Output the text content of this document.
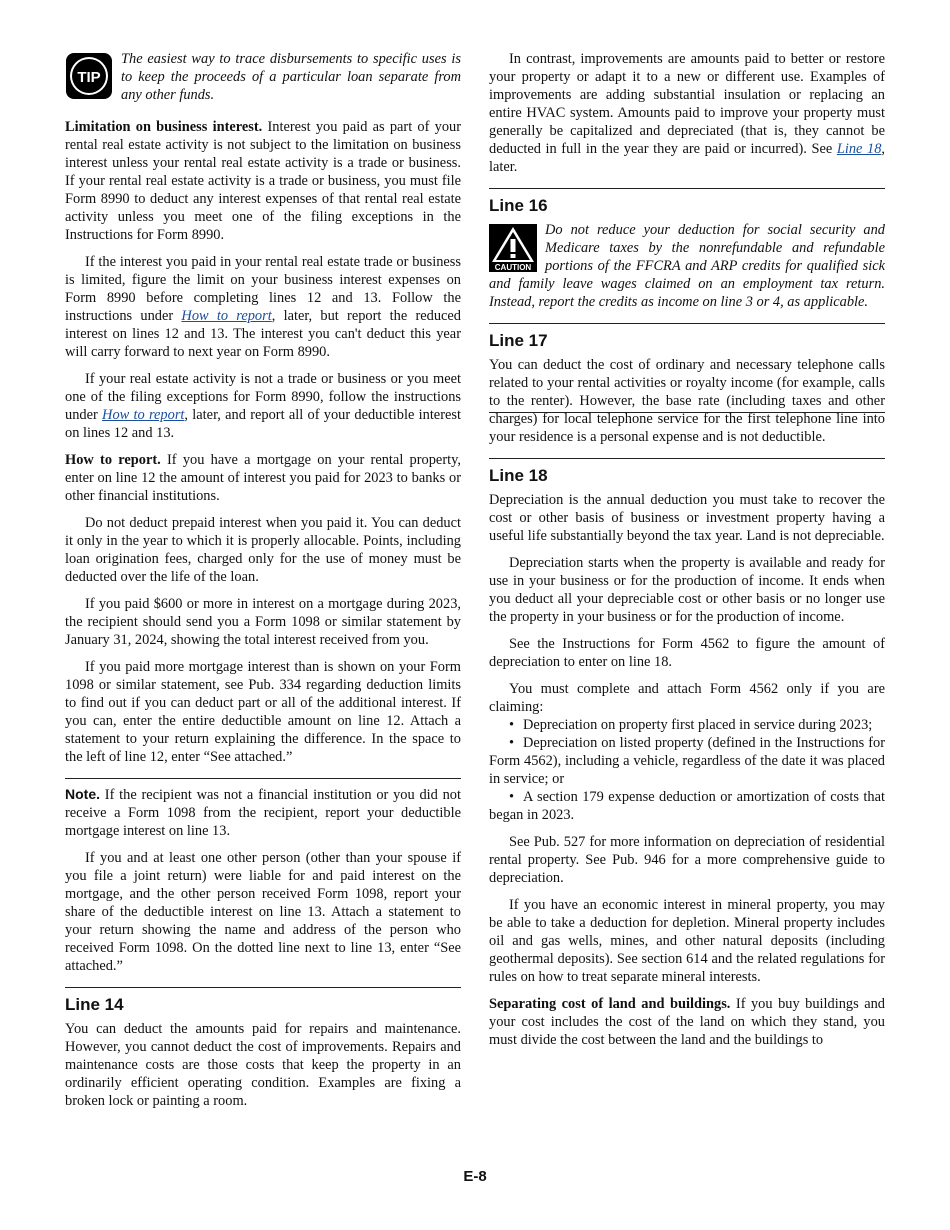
TIP

The easiest way to trace disbursements to specific uses is to keep the proceeds of a particular loan separate from any other funds.

Limitation on business interest. Interest you paid as part of your rental real estate activity is not subject to the limitation on business interest unless your rental real estate activity is a trade or business. If your rental real estate activity is a trade or business, you must file Form 8990 to deduct any interest expenses of that rental real estate activity unless you meet one of the filing exceptions in the Instructions for Form 8990.

If the interest you paid in your rental real estate trade or business is limited, figure the limit on your business interest expenses on Form 8990 before completing lines 12 and 13. Follow the instructions under How to report, later, but report the reduced interest on lines 12 and 13. The interest you can't deduct this year will carry forward to next year on Form 8990.

If your real estate activity is not a trade or business or you meet one of the filing exceptions for Form 8990, follow the instructions under How to report, later, and report all of your deductible interest on lines 12 and 13.

How to report. If you have a mortgage on your rental property, enter on line 12 the amount of interest you paid for 2023 to banks or other financial institutions.

Do not deduct prepaid interest when you paid it. You can deduct it only in the year to which it is properly allocable. Points, including loan origination fees, charged only for the use of money must be deducted over the life of the loan.

If you paid $600 or more in interest on a mortgage during 2023, the recipient should send you a Form 1098 or similar statement by January 31, 2024, showing the total interest received from you.

If you paid more mortgage interest than is shown on your Form 1098 or similar statement, see Pub. 334 regarding deduction limits to find out if you can deduct part or all of the additional interest. If you can, enter the entire deductible amount on line 12. Attach a statement to your return explaining the difference. In the space to the left of line 12, enter “See attached.”

Note. If the recipient was not a financial institution or you did not receive a Form 1098 from the recipient, report your deductible mortgage interest on line 13.

If you and at least one other person (other than your spouse if you file a joint return) were liable for and paid interest on the mortgage, and the other person received Form 1098, report your share of the deductible interest on line 13. Attach a statement to your return showing the name and address of the person who received Form 1098. On the dotted line next to line 13, enter “See attached.”

Line 14

You can deduct the amounts paid for repairs and maintenance. However, you cannot deduct the cost of improvements. Repairs and maintenance costs are those costs that keep the property in an ordinarily efficient operating condition. Examples are fixing a broken lock or painting a room.

In contrast, improvements are amounts paid to better or restore your property or adapt it to a new or different use. Examples of improvements are adding substantial insulation or replacing an entire HVAC system. Amounts paid to improve your property must generally be capitalized and depreciated (that is, they cannot be deducted in full in the year they are paid or incurred). See Line 18, later.

Line 16
CAUTION

Do not reduce your deduction for social security and Medicare taxes by the nonrefundable and refundable portions of the FFCRA and ARP credits for qualified sick and family leave wages claimed on an employment tax return. Instead, report the credits as income on line 3 or 4, as applicable.

Line 17

You can deduct the cost of ordinary and necessary telephone calls related to your rental activities or royalty income (for example, calls to the renter). However, the base rate (including taxes and other charges) for local telephone service for the first telephone line into your residence is a personal expense and is not deductible.

Line 18

Depreciation is the annual deduction you must take to recover the cost or other basis of business or investment property having a useful life substantially beyond the tax year. Land is not depreciable.

Depreciation starts when the property is available and ready for use in your business or for the production of income. It ends when you deduct all your depreciable cost or other basis or no longer use the property in your business or for the production of income.

See the Instructions for Form 4562 to figure the amount of depreciation to enter on line 18.

You must complete and attach Form 4562 only if you are claiming:

• Depreciation on property first placed in service during 2023;

• Depreciation on listed property (defined in the Instructions for Form 4562), including a vehicle, regardless of the date it was placed in service; or

• A section 179 expense deduction or amortization of costs that began in 2023.

See Pub. 527 for more information on depreciation of residential rental property. See Pub. 946 for a more comprehensive guide to depreciation.

If you have an economic interest in mineral property, you may be able to take a deduction for depletion. Mineral property includes oil and gas wells, mines, and other natural deposits (including geothermal deposits). See section 614 and the related regulations for rules on how to treat separate mineral interests.

Separating cost of land and buildings. If you buy buildings and your cost includes the cost of the land on which they stand, you must divide the cost between the land and the buildings to

E-8
